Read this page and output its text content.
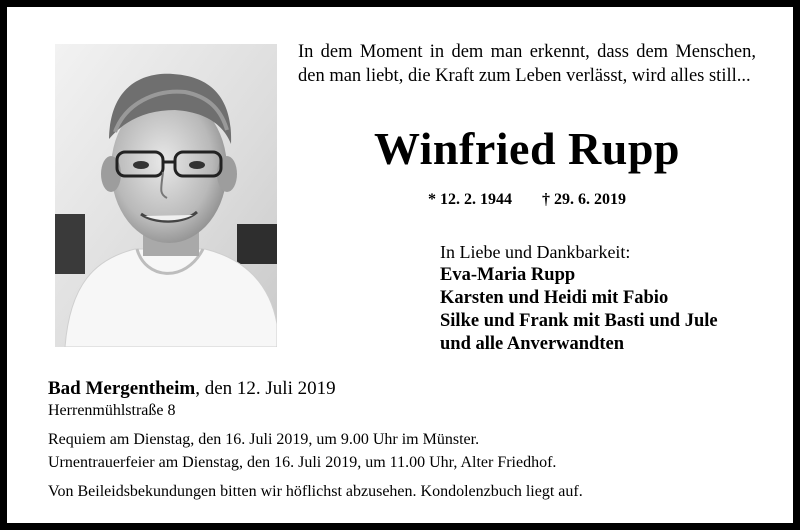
In dem Moment in dem man erkennt, dass dem Menschen, den man liebt, die Kraft zum Leben verlässt, wird alles still...
Winfried Rupp
* 12. 2. 1944 † 29. 6. 2019
In Liebe und Dankbarkeit:
Eva-Maria Rupp
Karsten und Heidi mit Fabio
Silke und Frank mit Basti und Jule
und alle Anverwandten
Bad Mergentheim, den 12. Juli 2019
Herrenmühlstraße 8
Requiem am Dienstag, den 16. Juli 2019, um 9.00 Uhr im Münster.
Urnentrauerfeier am Dienstag, den 16. Juli 2019, um 11.00 Uhr, Alter Friedhof.
Von Beileidsbekundungen bitten wir höflichst abzusehen. Kondolenzbuch liegt auf.
